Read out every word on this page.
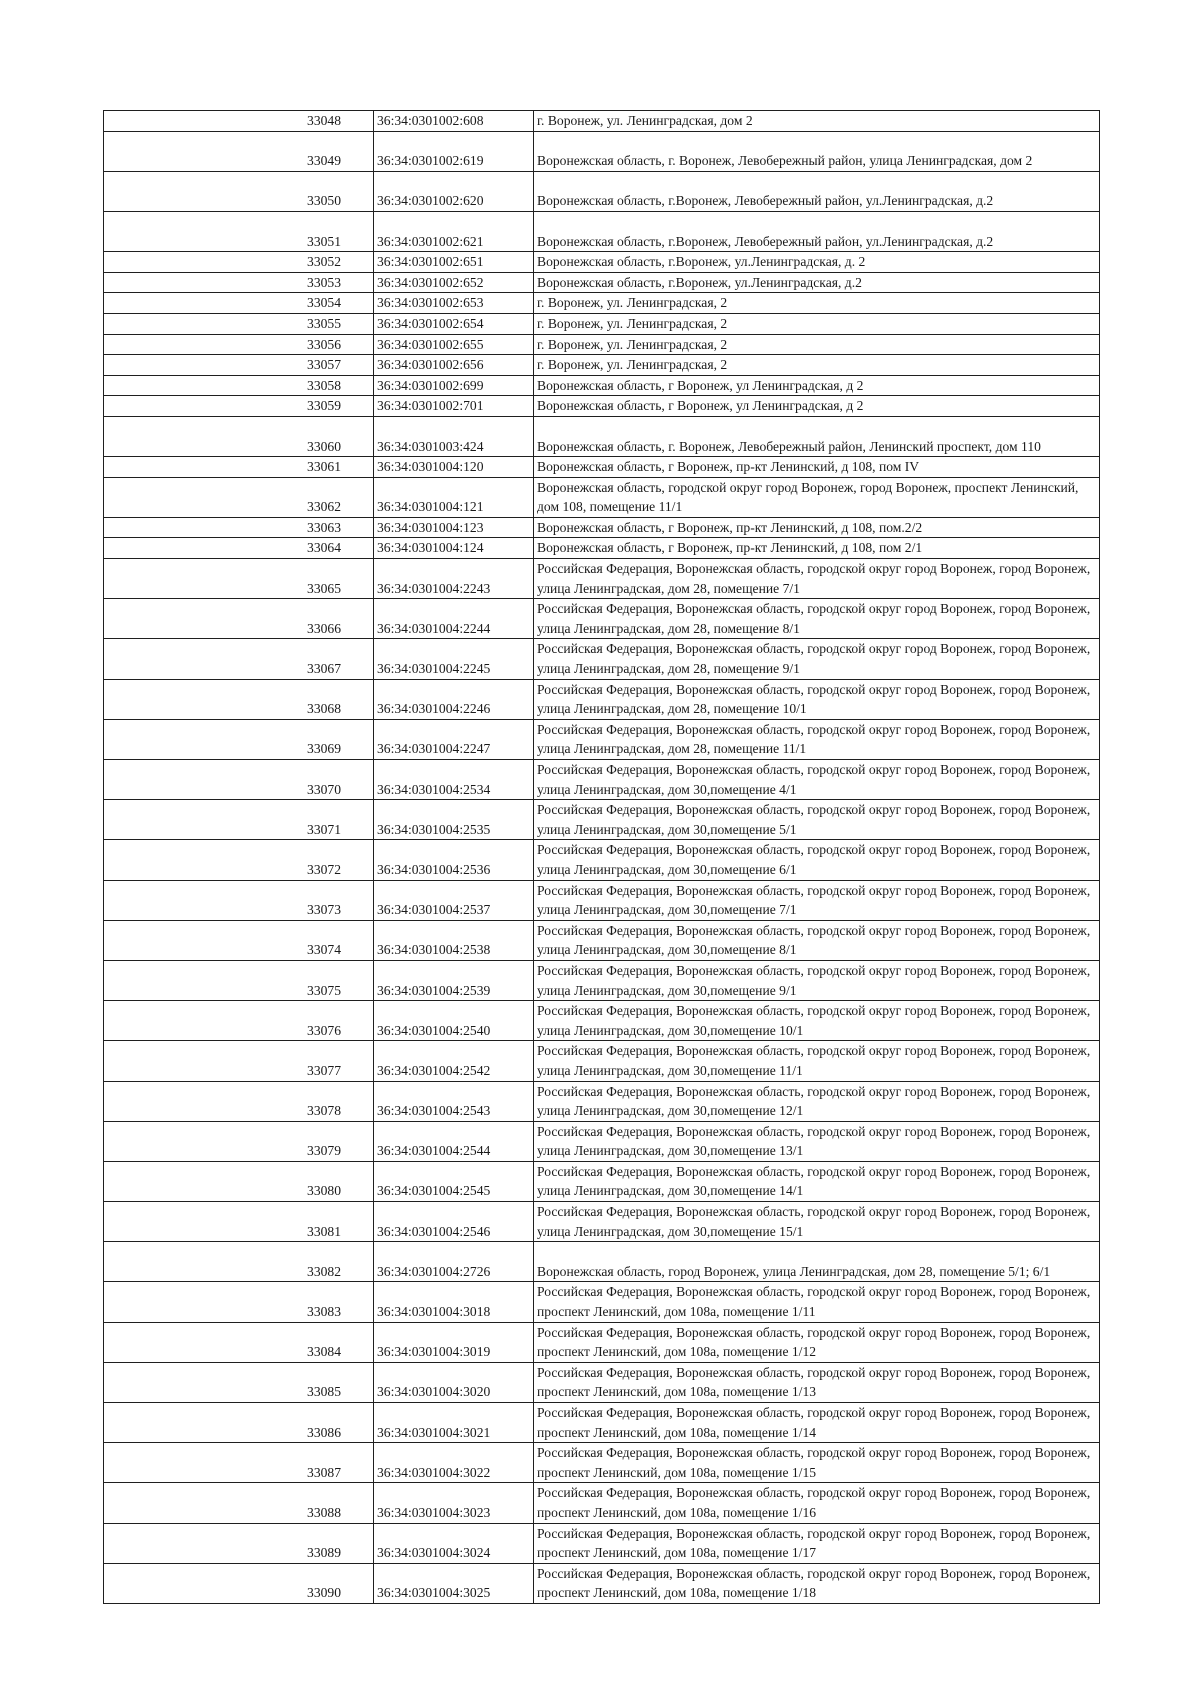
33048	36:34:0301002:608	г. Воронеж, ул. Ленинградская, дом 2
33049	36:34:0301002:619	Воронежская область, г. Воронеж, Левобережный район, улица Ленинградская, дом 2
33050	36:34:0301002:620	Воронежская область, г.Воронеж, Левобережный район, ул.Ленинградская, д.2
33051	36:34:0301002:621	Воронежская область, г.Воронеж, Левобережный район, ул.Ленинградская, д.2
33052	36:34:0301002:651	Воронежская область, г.Воронеж, ул.Ленинградская, д. 2
33053	36:34:0301002:652	Воронежская область, г.Воронеж, ул.Ленинградская, д.2
33054	36:34:0301002:653	г. Воронеж, ул. Ленинградская, 2
33055	36:34:0301002:654	г. Воронеж, ул. Ленинградская, 2
33056	36:34:0301002:655	г. Воронеж, ул. Ленинградская, 2
33057	36:34:0301002:656	г. Воронеж, ул. Ленинградская, 2
33058	36:34:0301002:699	Воронежская область, г Воронеж, ул Ленинградская, д 2
33059	36:34:0301002:701	Воронежская область, г Воронеж, ул Ленинградская, д 2
33060	36:34:0301003:424	Воронежская область, г. Воронеж, Левобережный район, Ленинский проспект, дом 110
33061	36:34:0301004:120	Воронежская область, г Воронеж, пр-кт Ленинский, д 108, пом IV
33062	36:34:0301004:121	Воронежская область, городской округ город Воронеж, город Воронеж, проспект Ленинский, дом 108, помещение 11/1
33063	36:34:0301004:123	Воронежская область, г Воронеж, пр-кт Ленинский, д 108, пом.2/2
33064	36:34:0301004:124	Воронежская область, г Воронеж, пр-кт Ленинский, д 108, пом 2/1
33065	36:34:0301004:2243	Российская Федерация, Воронежская область, городской округ город Воронеж, город Воронеж, улица Ленинградская, дом 28, помещение 7/1
33066	36:34:0301004:2244	Российская Федерация, Воронежская область, городской округ город Воронеж, город Воронеж, улица Ленинградская, дом 28, помещение 8/1
33067	36:34:0301004:2245	Российская Федерация, Воронежская область, городской округ город Воронеж, город Воронеж, улица Ленинградская, дом 28, помещение 9/1
33068	36:34:0301004:2246	Российская Федерация, Воронежская область, городской округ город Воронеж, город Воронеж, улица Ленинградская, дом 28, помещение 10/1
33069	36:34:0301004:2247	Российская Федерация, Воронежская область, городской округ город Воронеж, город Воронеж, улица Ленинградская, дом 28, помещение 11/1
33070	36:34:0301004:2534	Российская Федерация, Воронежская область, городской округ город Воронеж, город Воронеж, улица Ленинградская, дом 30,помещение 4/1
33071	36:34:0301004:2535	Российская Федерация, Воронежская область, городской округ город Воронеж, город Воронеж, улица Ленинградская, дом 30,помещение 5/1
33072	36:34:0301004:2536	Российская Федерация, Воронежская область, городской округ город Воронеж, город Воронеж, улица Ленинградская, дом 30,помещение 6/1
33073	36:34:0301004:2537	Российская Федерация, Воронежская область, городской округ город Воронеж, город Воронеж, улица Ленинградская, дом 30,помещение 7/1
33074	36:34:0301004:2538	Российская Федерация, Воронежская область, городской округ город Воронеж, город Воронеж, улица Ленинградская, дом 30,помещение 8/1
33075	36:34:0301004:2539	Российская Федерация, Воронежская область, городской округ город Воронеж, город Воронеж, улица Ленинградская, дом 30,помещение 9/1
33076	36:34:0301004:2540	Российская Федерация, Воронежская область, городской округ город Воронеж, город Воронеж, улица Ленинградская, дом 30,помещение 10/1
33077	36:34:0301004:2542	Российская Федерация, Воронежская область, городской округ город Воронеж, город Воронеж, улица Ленинградская, дом 30,помещение 11/1
33078	36:34:0301004:2543	Российская Федерация, Воронежская область, городской округ город Воронеж, город Воронеж, улица Ленинградская, дом 30,помещение 12/1
33079	36:34:0301004:2544	Российская Федерация, Воронежская область, городской округ город Воронеж, город Воронеж, улица Ленинградская, дом 30,помещение 13/1
33080	36:34:0301004:2545	Российская Федерация, Воронежская область, городской округ город Воронеж, город Воронеж, улица Ленинградская, дом 30,помещение 14/1
33081	36:34:0301004:2546	Российская Федерация, Воронежская область, городской округ город Воронеж, город Воронеж, улица Ленинградская, дом 30,помещение 15/1
33082	36:34:0301004:2726	Воронежская область, город Воронеж, улица Ленинградская, дом 28, помещение 5/1; 6/1
33083	36:34:0301004:3018	Российская Федерация, Воронежская область, городской округ город Воронеж, город Воронеж, проспект Ленинский, дом 108а, помещение 1/11
33084	36:34:0301004:3019	Российская Федерация, Воронежская область, городской округ город Воронеж, город Воронеж, проспект Ленинский, дом 108а, помещение 1/12
33085	36:34:0301004:3020	Российская Федерация, Воронежская область, городской округ город Воронеж, город Воронеж, проспект Ленинский, дом 108а, помещение 1/13
33086	36:34:0301004:3021	Российская Федерация, Воронежская область, городской округ город Воронеж, город Воронеж, проспект Ленинский, дом 108а, помещение 1/14
33087	36:34:0301004:3022	Российская Федерация, Воронежская область, городской округ город Воронеж, город Воронеж, проспект Ленинский, дом 108а, помещение 1/15
33088	36:34:0301004:3023	Российская Федерация, Воронежская область, городской округ город Воронеж, город Воронеж, проспект Ленинский, дом 108а, помещение 1/16
33089	36:34:0301004:3024	Российская Федерация, Воронежская область, городской округ город Воронеж, город Воронеж, проспект Ленинский, дом 108а, помещение 1/17
33090	36:34:0301004:3025	Российская Федерация, Воронежская область, городской округ город Воронеж, город Воронеж, проспект Ленинский, дом 108а, помещение 1/18
